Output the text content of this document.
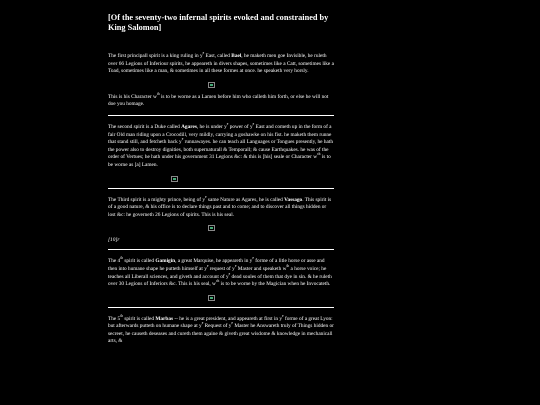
[Of the seventy-two infernal spirits evoked and constrained by King Salomon]

The first principall spirit is a king ruling in $y^e$ East, called Bael, he maketh men goe Invisible, he ruleth over 66 Legions of Inferiour spirits, he appeareth in divers shapes, sometimes like a Catt, sometimes like a Toad, sometimes like a man, & sometimes in all these formes at once. he speaketh very horsly.

This is his Character $w^{th}$ is to be worne as a Lamen before him who calleth him forth, or else he will not doe you homage.

The second spirit is a Duke called Agares, he is under $y^e$ power of $y^e$ East and cometh up in the form of a fair Old man riding upon a Crocodill, very mildly, carrying a goshawke on his fist. he maketh them runne that stand still, and fetcheth back $y^e$ runnawayes. he can teach all Languages or Tongues presently, he hath the power also to destroy dignities, both supernaturall & Temporall; & cause Earthquakes. he was of the order of Vertues; he hath under his government 31 Legions &c: & this is [his] seale or Character $w^{ch}$ is to be worne as [a] Lamen.

The Third spirit is a mighty prince, being of $y^e$ same Nature as Agares, he is called Vassago. This spirit is of a good nature, & his office is to declare things past and to come; and to discover all things hidden or lost &c: he governeth 26 Legions of spirits. This is his seal.

[10]r

The 4th spirit is called Gamigin, a great Marquise, he appeareth in $y^e$ forme of a litle horse or asse and then into humane shape he putteth himself at $y^e$ request of $y^e$ Master and speaketh $w^{th}$ a horse voice; he teaches all Liberall sciences, and giveth and account of $y^e$ dead soules of them that dye in sin. & he ruleth over 30 Legions of Inferiors &c. This is his seal, $w^{ch}$ is to be worne by the Magician when he Invocateth.

The 5th spirit is called Marbas -- he is a great president, and appeareth at first in $y^e$ forme of a great Lyon: but afterwards putteth on humane shape at $y^e$ Request of $y^e$ Master he Answareth truly of Things hidden or secreet, he causeth deseases and cureth them againe & giveth great wisdome & knowledge in mechanicall arts, &
